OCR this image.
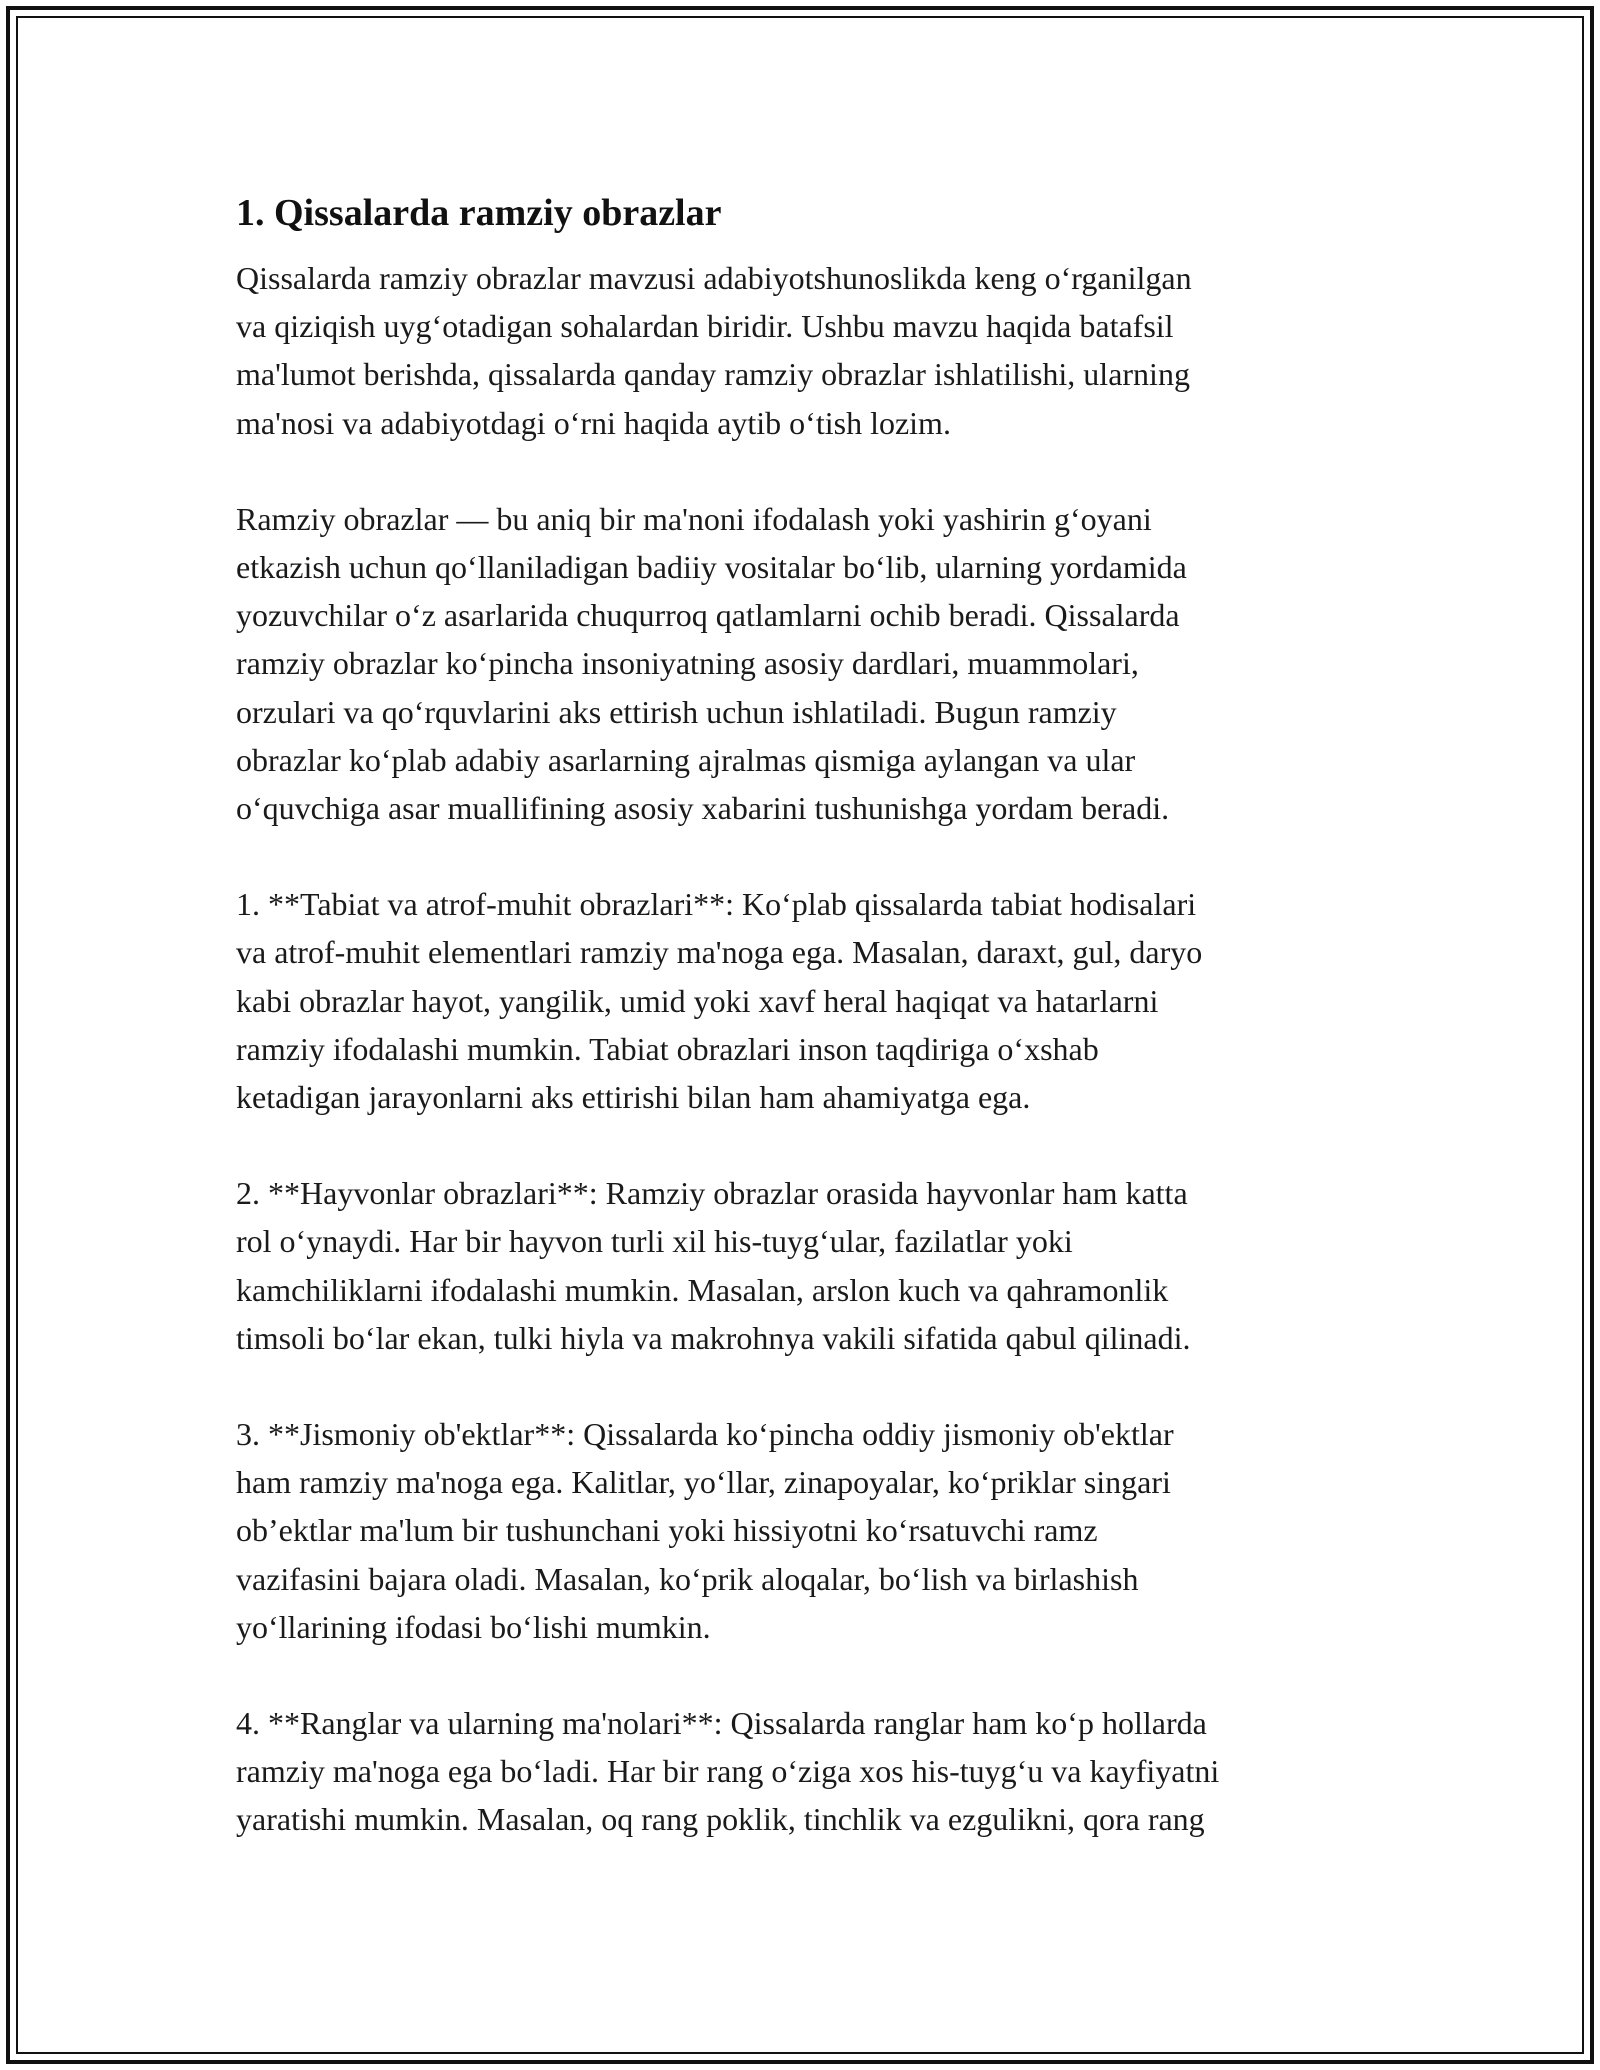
1. Qissalarda ramziy obrazlar

Qissalarda ramziy obrazlar mavzusi adabiyotshunoslikda keng o‘rganilgan
va qiziqish uyg‘otadigan sohalardan biridir. Ushbu mavzu haqida batafsil
ma'lumot berishda, qissalarda qanday ramziy obrazlar ishlatilishi, ularning
ma'nosi va adabiyotdagi o‘rni haqida aytib o‘tish lozim.

Ramziy obrazlar — bu aniq bir ma'noni ifodalash yoki yashirin g‘oyani
etkazish uchun qo‘llaniladigan badiiy vositalar bo‘lib, ularning yordamida
yozuvchilar o‘z asarlarida chuqurroq qatlamlarni ochib beradi. Qissalarda
ramziy obrazlar ko‘pincha insoniyatning asosiy dardlari, muammolari,
orzulari va qo‘rquvlarini aks ettirish uchun ishlatiladi. Bugun ramziy
obrazlar ko‘plab adabiy asarlarning ajralmas qismiga aylangan va ular
o‘quvchiga asar muallifining asosiy xabarini tushunishga yordam beradi.

1. **Tabiat va atrof-muhit obrazlari**: Ko‘plab qissalarda tabiat hodisalari
va atrof-muhit elementlari ramziy ma'noga ega. Masalan, daraxt, gul, daryo
kabi obrazlar hayot, yangilik, umid yoki xavf heral haqiqat va hatarlarni
ramziy ifodalashi mumkin. Tabiat obrazlari inson taqdiriga o‘xshab
ketadigan jarayonlarni aks ettirishi bilan ham ahamiyatga ega.

2. **Hayvonlar obrazlari**: Ramziy obrazlar orasida hayvonlar ham katta
rol o‘ynaydi. Har bir hayvon turli xil his-tuyg‘ular, fazilatlar yoki
kamchiliklarni ifodalashi mumkin. Masalan, arslon kuch va qahramonlik
timsoli bo‘lar ekan, tulki hiyla va makrohnya vakili sifatida qabul qilinadi.

3. **Jismoniy ob'ektlar**: Qissalarda ko‘pincha oddiy jismoniy ob'ektlar
ham ramziy ma'noga ega. Kalitlar, yo‘llar, zinapoyalar, ko‘priklar singari
ob’ektlar ma'lum bir tushunchani yoki hissiyotni ko‘rsatuvchi ramz
vazifasini bajara oladi. Masalan, ko‘prik aloqalar, bo‘lish va birlashish
yo‘llarining ifodasi bo‘lishi mumkin.

4. **Ranglar va ularning ma'nolari**: Qissalarda ranglar ham ko‘p hollarda
ramziy ma'noga ega bo‘ladi. Har bir rang o‘ziga xos his-tuyg‘u va kayfiyatni
yaratishi mumkin. Masalan, oq rang poklik, tinchlik va ezgulikni, qora rang
